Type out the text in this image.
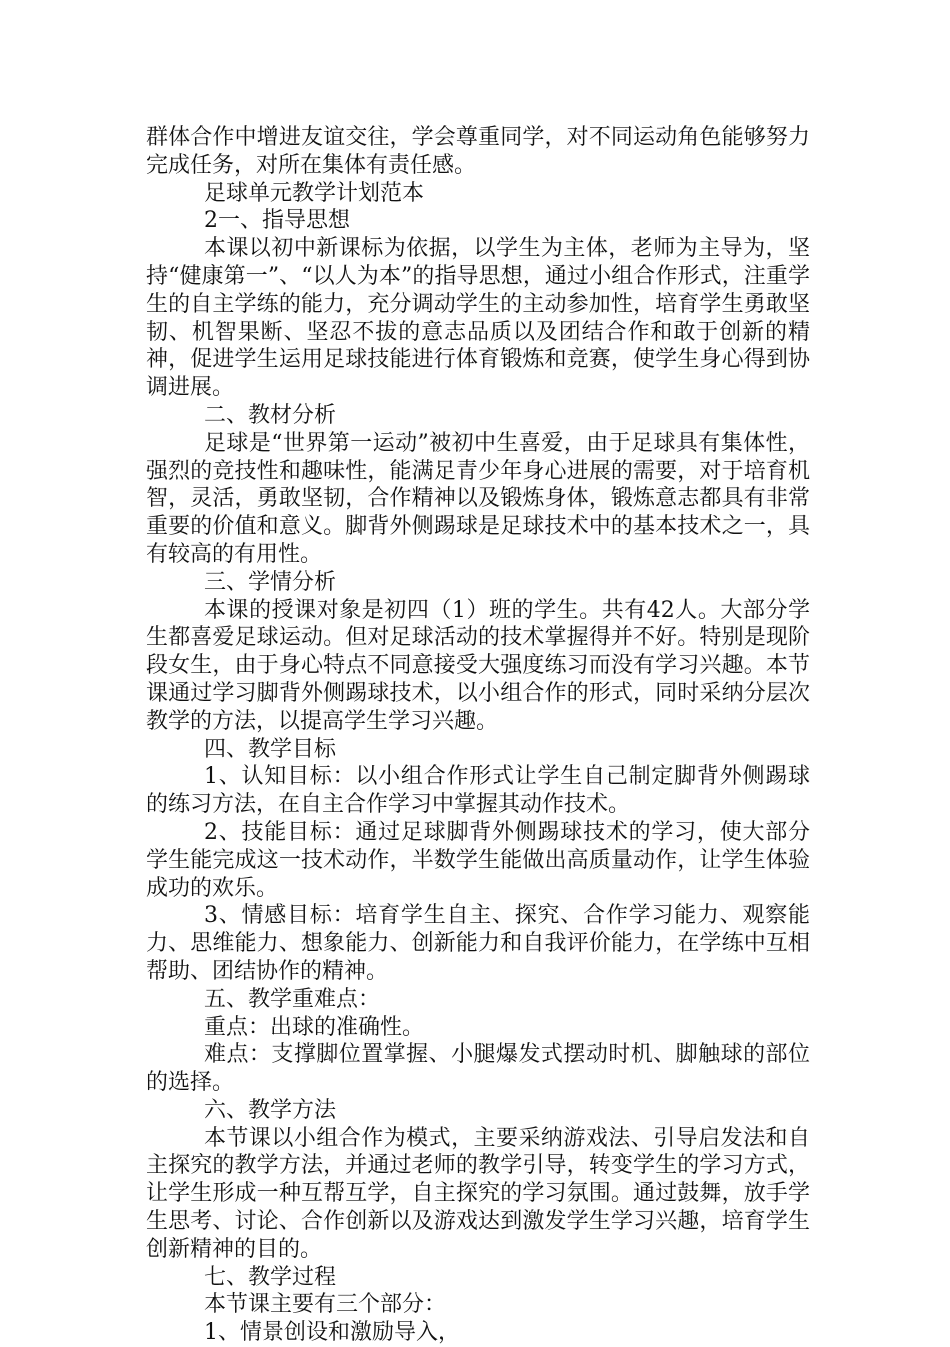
群体合作中增进友谊交往，学会尊重同学，对不同运动角色能够努力完成任务，对所在集体有责任感。

足球单元教学计划范本

2一、指导思想

本课以初中新课标为依据，以学生为主体，老师为主导为，坚持“健康第一”、“以人为本”的指导思想，通过小组合作形式，注重学生的自主学练的能力，充分调动学生的主动参加性，培育学生勇敢坚韧、机智果断、坚忍不拔的意志品质以及团结合作和敢于创新的精神，促进学生运用足球技能进行体育锻炼和竞赛，使学生身心得到协调进展。

二、教材分析

足球是“世界第一运动”被初中生喜爱，由于足球具有集体性，强烈的竞技性和趣味性，能满足青少年身心进展的需要，对于培育机智，灵活，勇敢坚韧，合作精神以及锻炼身体，锻炼意志都具有非常重要的价值和意义。脚背外侧踢球是足球技术中的基本技术之一，具有较高的有用性。

三、学情分析

本课的授课对象是初四（1）班的学生。共有42人。大部分学生都喜爱足球运动。但对足球活动的技术掌握得并不好。特别是现阶段女生，由于身心特点不同意接受大强度练习而没有学习兴趣。本节课通过学习脚背外侧踢球技术，以小组合作的形式，同时采纳分层次教学的方法，以提高学生学习兴趣。

四、教学目标

1、认知目标：以小组合作形式让学生自己制定脚背外侧踢球的练习方法，在自主合作学习中掌握其动作技术。

2、技能目标：通过足球脚背外侧踢球技术的学习，使大部分学生能完成这一技术动作，半数学生能做出高质量动作，让学生体验成功的欢乐。

3、情感目标：培育学生自主、探究、合作学习能力、观察能力、思维能力、想象能力、创新能力和自我评价能力，在学练中互相帮助、团结协作的精神。

五、教学重难点：

重点：出球的准确性。

难点：支撑脚位置掌握、小腿爆发式摆动时机、脚触球的部位的选择。

六、教学方法

本节课以小组合作为模式，主要采纳游戏法、引导启发法和自主探究的教学方法，并通过老师的教学引导，转变学生的学习方式，让学生形成一种互帮互学，自主探究的学习氛围。通过鼓舞，放手学生思考、讨论、合作创新以及游戏达到激发学生学习兴趣，培育学生创新精神的目的。

七、教学过程

本节课主要有三个部分：

1、情景创设和激励导入，
